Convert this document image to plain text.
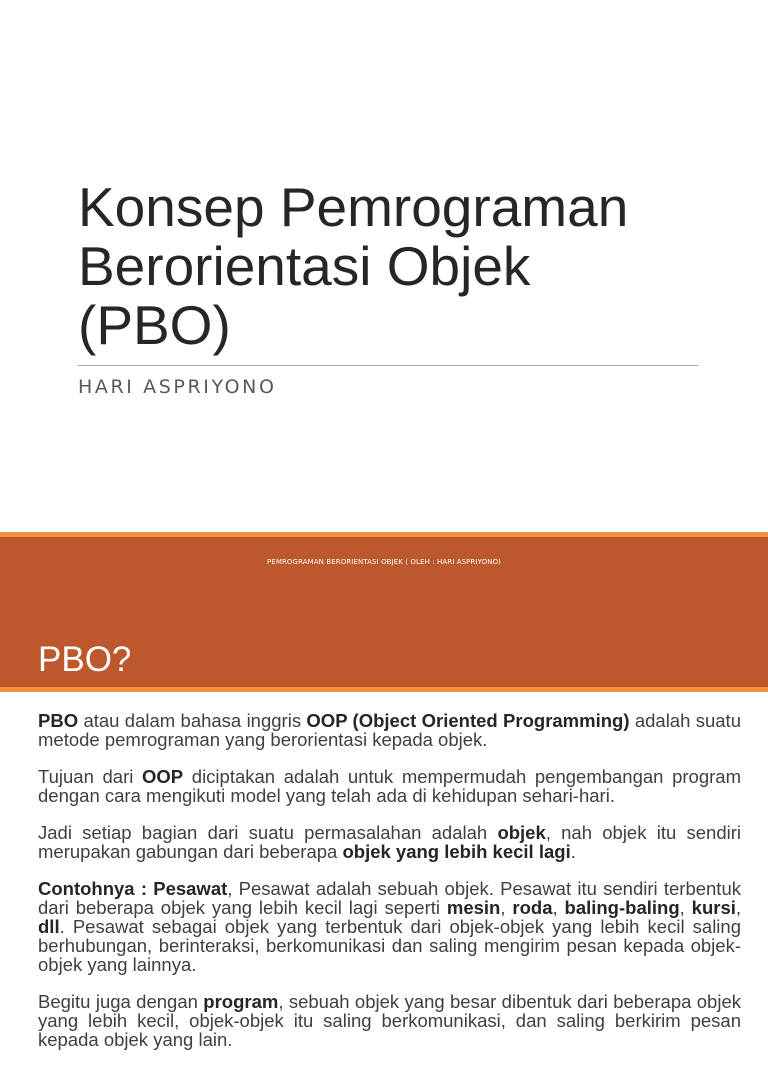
Konsep Pemrograman
Berorientasi Objek
(PBO)
HARI ASPRIYONO
PEMROGRAMAN BERORIENTASI OBJEK ( OLEH : HARI ASPRIYONO)
PBO?

PBO atau dalam bahasa inggris OOP (Object Oriented Programming) adalah suatu metode pemrograman yang berorientasi kepada objek.

Tujuan dari OOP diciptakan adalah untuk mempermudah pengembangan program dengan cara mengikuti model yang telah ada di kehidupan sehari-hari.

Jadi setiap bagian dari suatu permasalahan adalah objek, nah objek itu sendiri merupakan gabungan dari beberapa objek yang lebih kecil lagi.

Contohnya : Pesawat, Pesawat adalah sebuah objek. Pesawat itu sendiri terbentuk dari beberapa objek yang lebih kecil lagi seperti mesin, roda, baling-baling, kursi, dll. Pesawat sebagai objek yang terbentuk dari objek-objek yang lebih kecil saling berhubungan, berinteraksi, berkomunikasi dan saling mengirim pesan kepada objek-objek yang lainnya.

Begitu juga dengan program, sebuah objek yang besar dibentuk dari beberapa objek yang lebih kecil, objek-objek itu saling berkomunikasi, dan saling berkirim pesan kepada objek yang lain.
